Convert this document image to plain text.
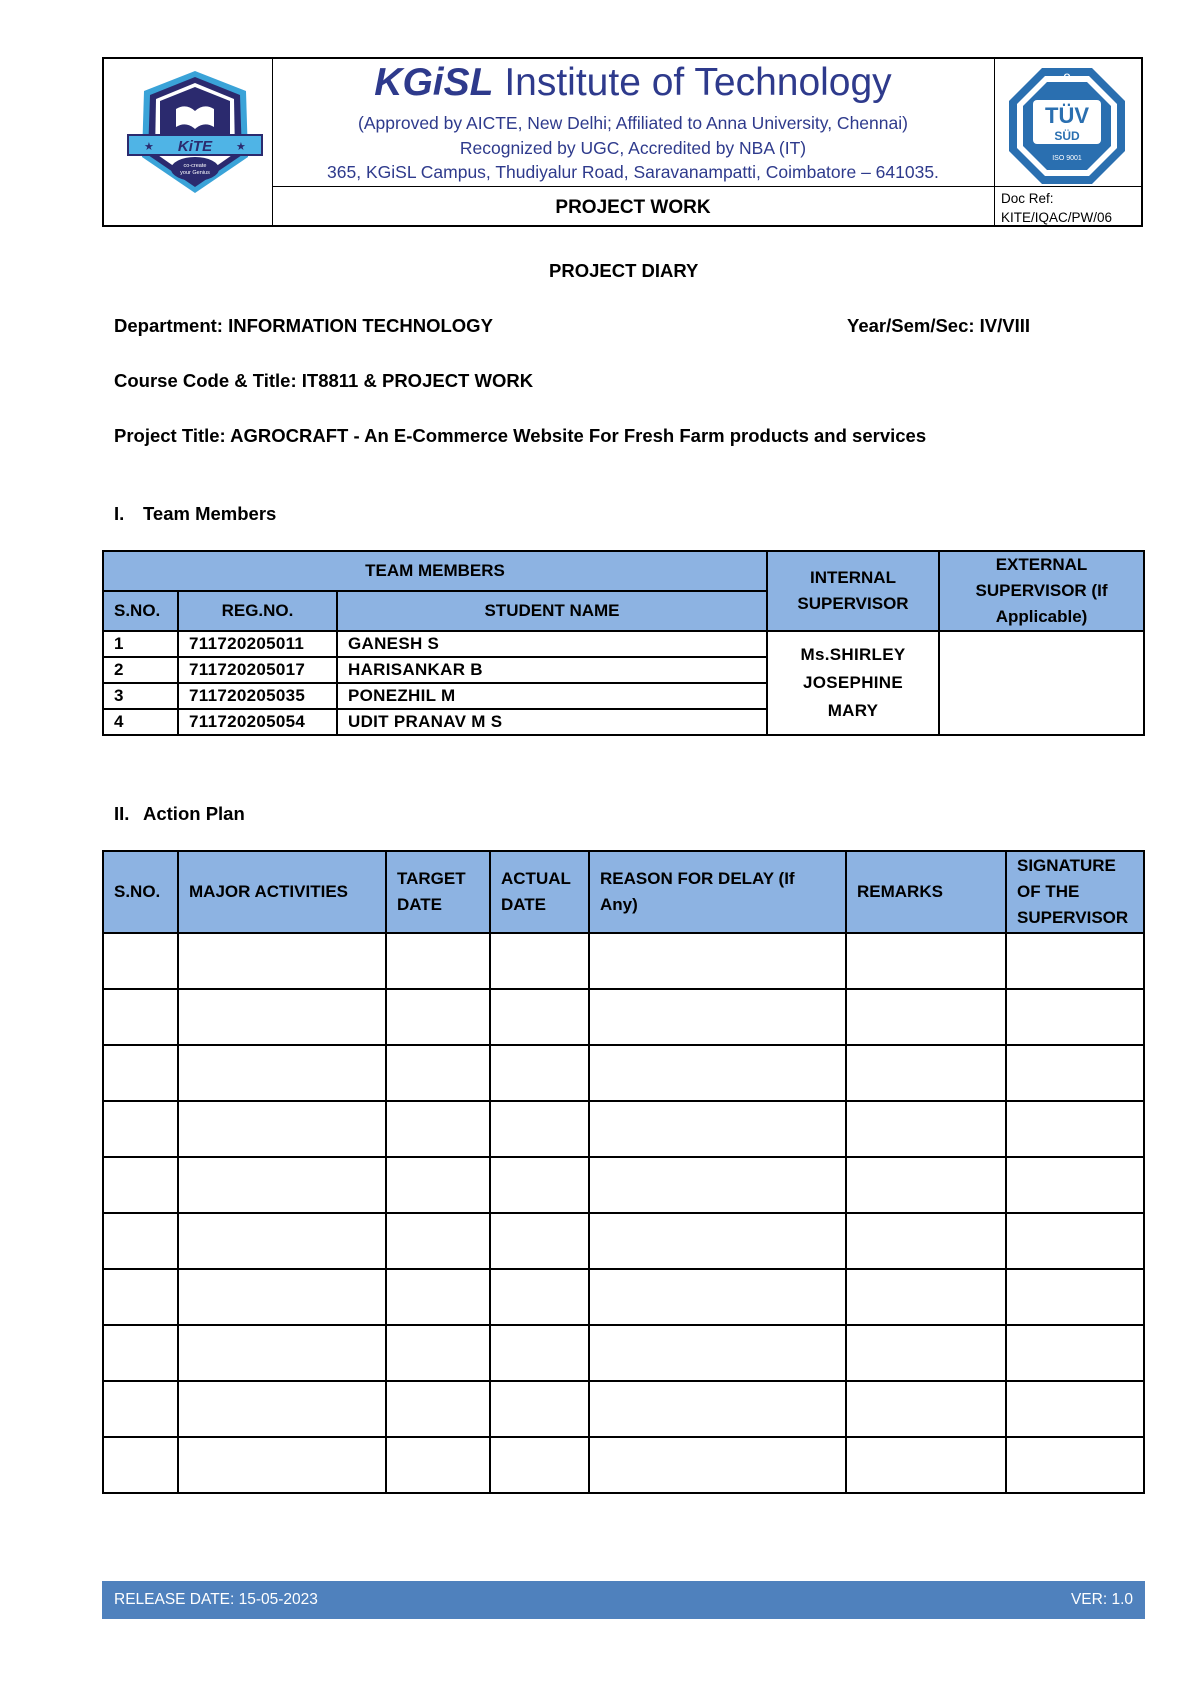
★	★
KiTE
co-create
your Genius
KGiSL Institute of Technology
(Approved by AICTE, New Delhi; Affiliated to Anna University, Chennai)
Recognized by UGC, Accredited by NBA (IT)
365, KGiSL Campus, Thudiyalur Road, Saravanampatti, Coimbatore – 641035.
PROJECT WORK
Q
TÜV
SÜD
ISO 9001
Doc Ref:
KITE/IQAC/PW/06
PROJECT DIARY
Department: INFORMATION TECHNOLOGY	Year/Sem/Sec: IV/VIII
Course Code & Title: IT8811 & PROJECT WORK
Project Title: AGROCRAFT - An E-Commerce Website For Fresh Farm products and services
I. Team Members
TEAM MEMBERS			INTERNAL SUPERVISOR	EXTERNAL SUPERVISOR (If Applicable)
S.NO.	REG.NO.	STUDENT NAME		
1	711720205011	GANESH S	Ms.SHIRLEY
JOSEPHINE MARY	

2	711720205017	HARISANKAR B		
3	711720205035	PONEZHIL M		
4	711720205054	UDIT PRANAV M S		
II. Action Plan
S.NO.	MAJOR ACTIVITIES	TARGET DATE	ACTUAL DATE	REASON FOR DELAY (If Any)	REMARKS	SIGNATURE OF THE SUPERVISOR

RELEASE DATE: 15-05-2023	VER: 1.0
